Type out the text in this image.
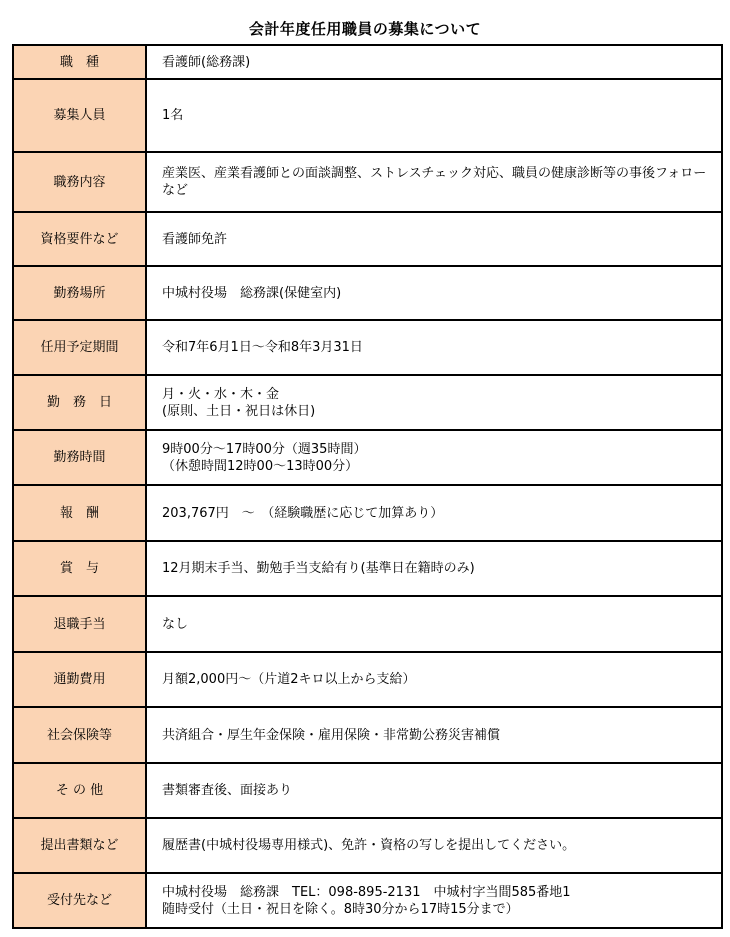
会計年度任用職員の募集について
職　種	看護師(総務課)

募集人員	1名

職務内容	産業医、産業看護師との面談調整、ストレスチェック対応、職員の健康診断等の事後フォローなど

資格要件など	看護師免許

勤務場所	中城村役場　総務課(保健室内)

任用予定期間	令和7年6月1日～令和8年3月31日

勤　務　日	月・火・水・木・金
(原則、土日・祝日は休日)

勤務時間	9時00分～17時00分（週35時間）
（休憩時間12時00～13時00分）

報　酬	203,767円　～　（経験職歴に応じて加算あり）

賞　与	12月期末手当、勤勉手当支給有り(基準日在籍時のみ)

退職手当	なし

通勤費用	月額2,000円～（片道2キロ以上から支給）

社会保険等	共済組合・厚生年金保険・雇用保険・非常勤公務災害補償

そ の 他	書類審査後、面接あり

提出書類など	履歴書(中城村役場専用様式)、免許・資格の写しを提出してください。

受付先など	中城村役場　総務課　TEL：098-895-2131　中城村字当間585番地1
随時受付（土日・祝日を除く。8時30分から17時15分まで）
